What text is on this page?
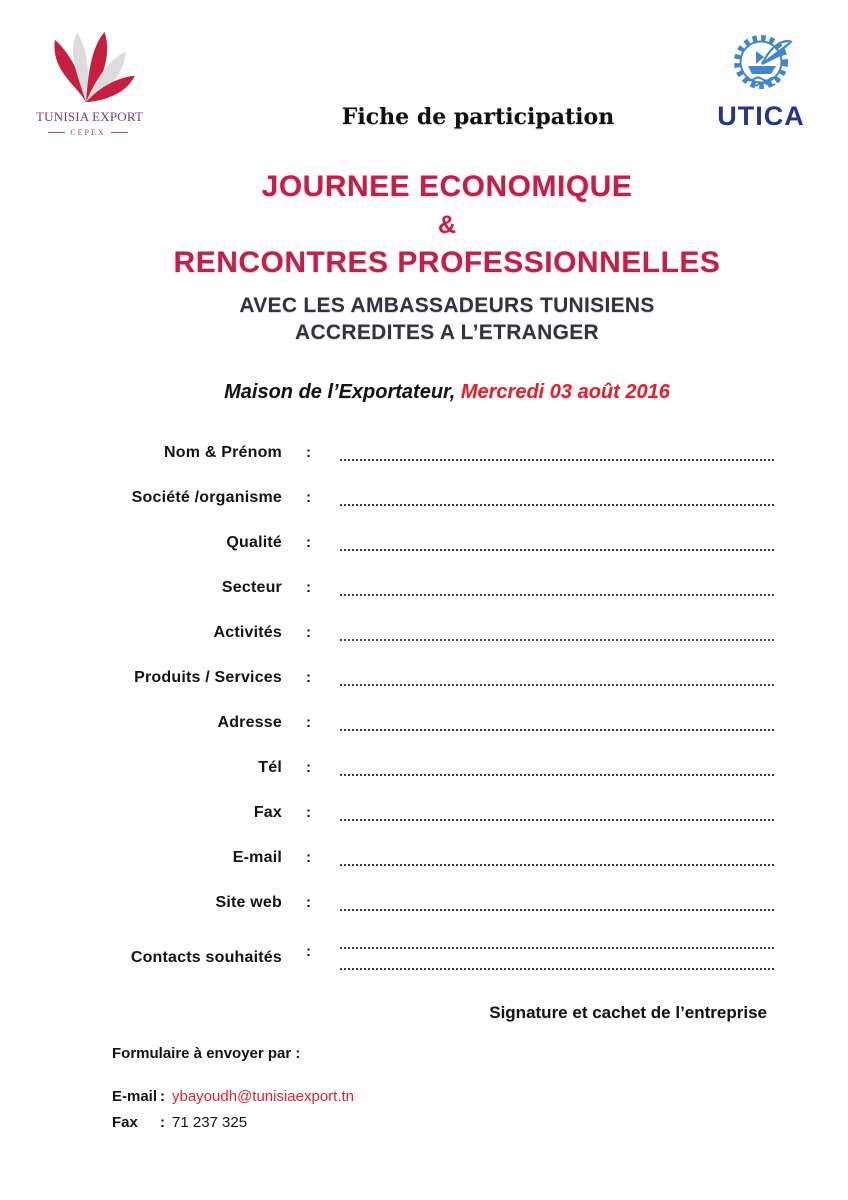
TUNISIA EXPORT
CEPEX
UTICA
Fiche de participation
JOURNEE ECONOMIQUE
&
RENCONTRES PROFESSIONNELLES
AVEC LES AMBASSADEURS TUNISIENS
ACCREDITES A L’ETRANGER
Maison de l’Exportateur, Mercredi 03 août 2016
Nom & Prénom	:
Société /organisme	:
Qualité	:
Secteur	:
Activités	:
Produits / Services	:
Adresse	:
Tél	:
Fax	:
E-mail	:
Site web	:
Contacts souhaités	:
Signature et cachet de l’entreprise
Formulaire à envoyer par :
E-mail : ybayoudh@tunisiaexport.tn
Fax	: 71 237 325
